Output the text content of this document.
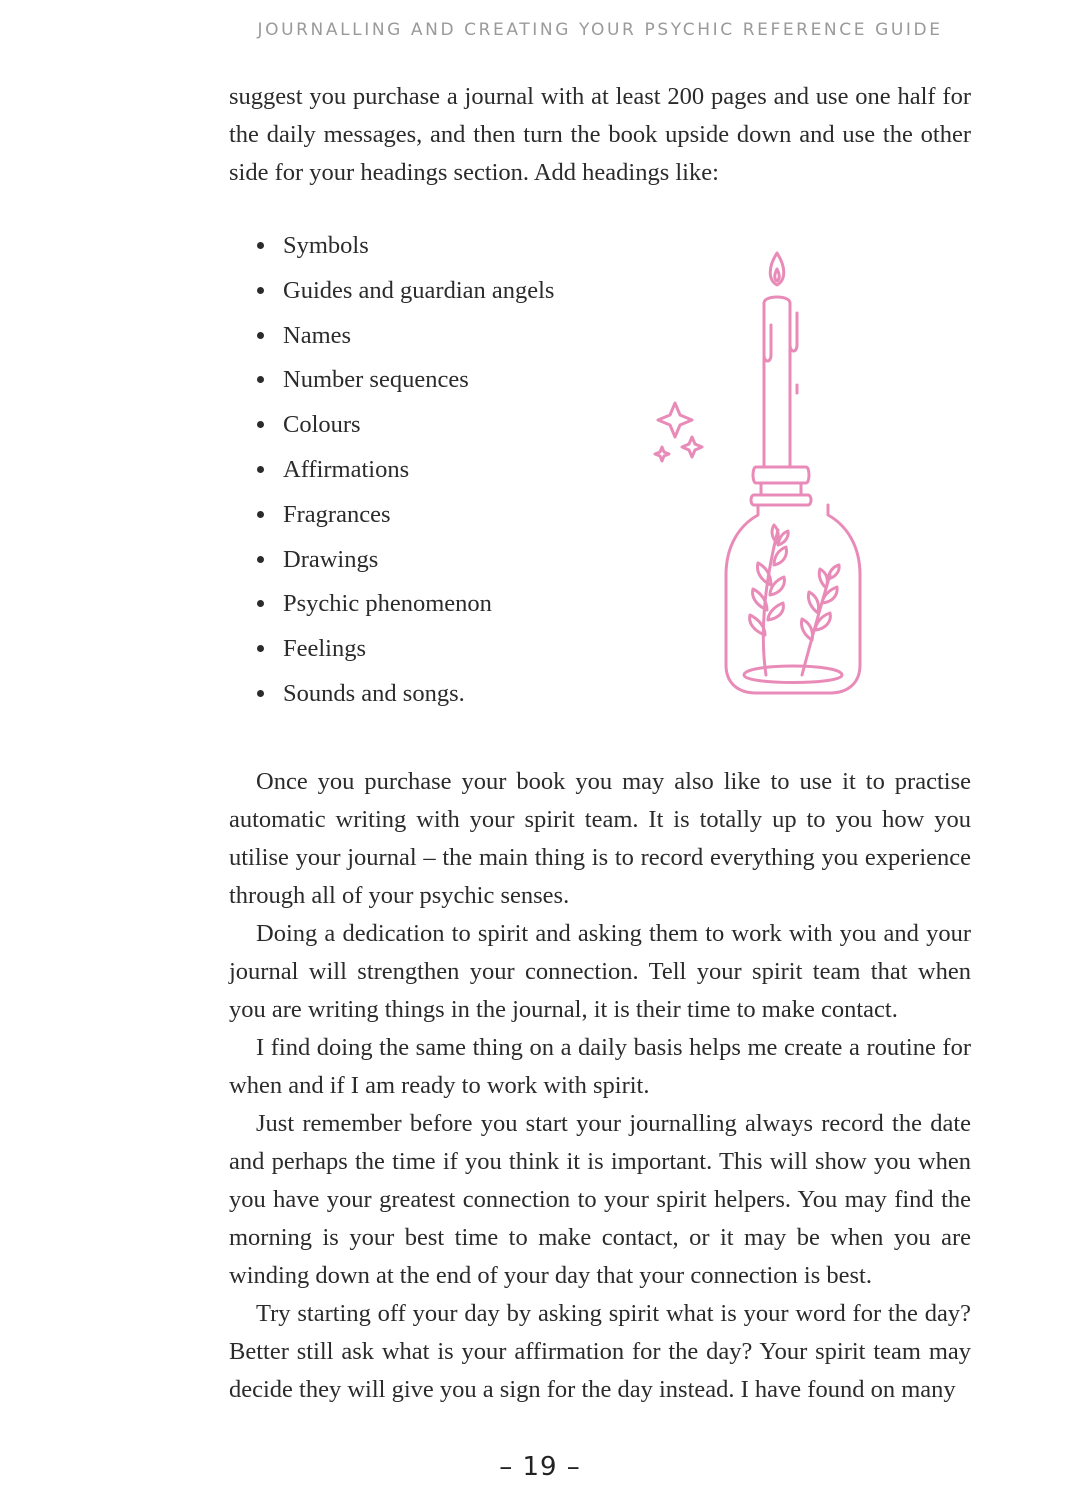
JOURNALLING AND CREATING YOUR PSYCHIC REFERENCE GUIDE

suggest you purchase a journal with at least 200 pages and use one half for the daily messages, and then turn the book upside down and use the other side for your headings section. Add headings like:

Symbols
Guides and guardian angels
Names
Number sequences
Colours
Affirmations
Fragrances
Drawings
Psychic phenomenon
Feelings
Sounds and songs.

Once you purchase your book you may also like to use it to practise automatic writing with your spirit team. It is totally up to you how you utilise your journal – the main thing is to record everything you experience through all of your psychic senses.

Doing a dedication to spirit and asking them to work with you and your journal will strengthen your connection. Tell your spirit team that when you are writing things in the journal, it is their time to make contact.

I find doing the same thing on a daily basis helps me create a routine for when and if I am ready to work with spirit.

Just remember before you start your journalling always record the date and perhaps the time if you think it is important. This will show you when you have your greatest connection to your spirit helpers. You may find the morning is your best time to make contact, or it may be when you are winding down at the end of your day that your connection is best.

Try starting off your day by asking spirit what is your word for the day? Better still ask what is your affirmation for the day? Your spirit team may decide they will give you a sign for the day instead. I have found on many

– 19 –
